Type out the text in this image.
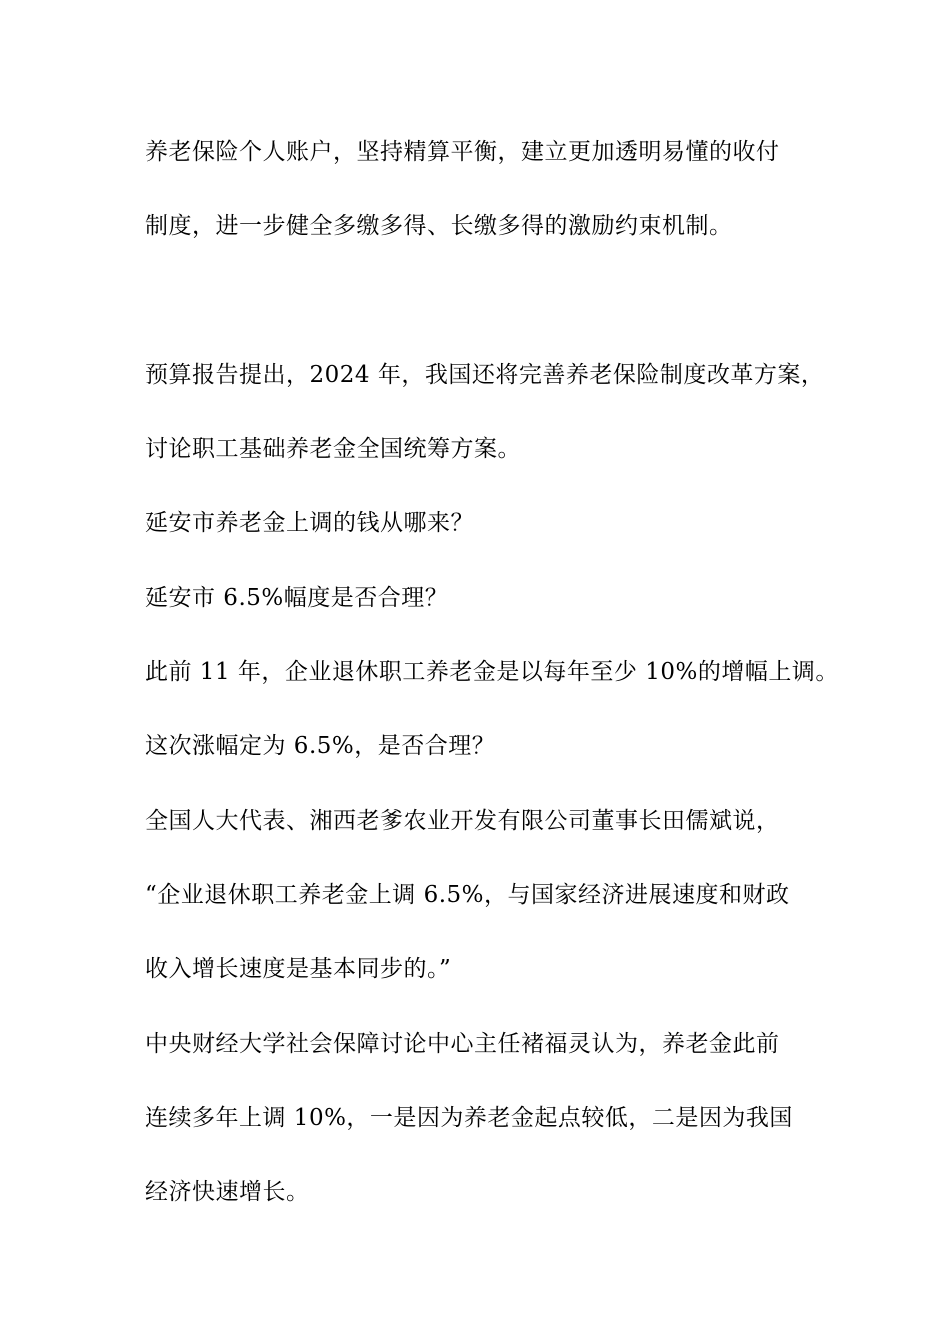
养老保险个人账户，坚持精算平衡，建立更加透明易懂的收付
制度，进一步健全多缴多得、长缴多得的激励约束机制。
预算报告提出，2024 年，我国还将完善养老保险制度改革方案，
讨论职工基础养老金全国统筹方案。
延安市养老金上调的钱从哪来？
延安市 6.5%幅度是否合理？
此前 11 年，企业退休职工养老金是以每年至少 10%的增幅上调。
这次涨幅定为 6.5%，是否合理？
全国人大代表、湘西老爹农业开发有限公司董事长田儒斌说，
“企业退休职工养老金上调 6.5%，与国家经济进展速度和财政
收入增长速度是基本同步的。”
中央财经大学社会保障讨论中心主任褚福灵认为，养老金此前
连续多年上调 10%，一是因为养老金起点较低，二是因为我国
经济快速增长。
